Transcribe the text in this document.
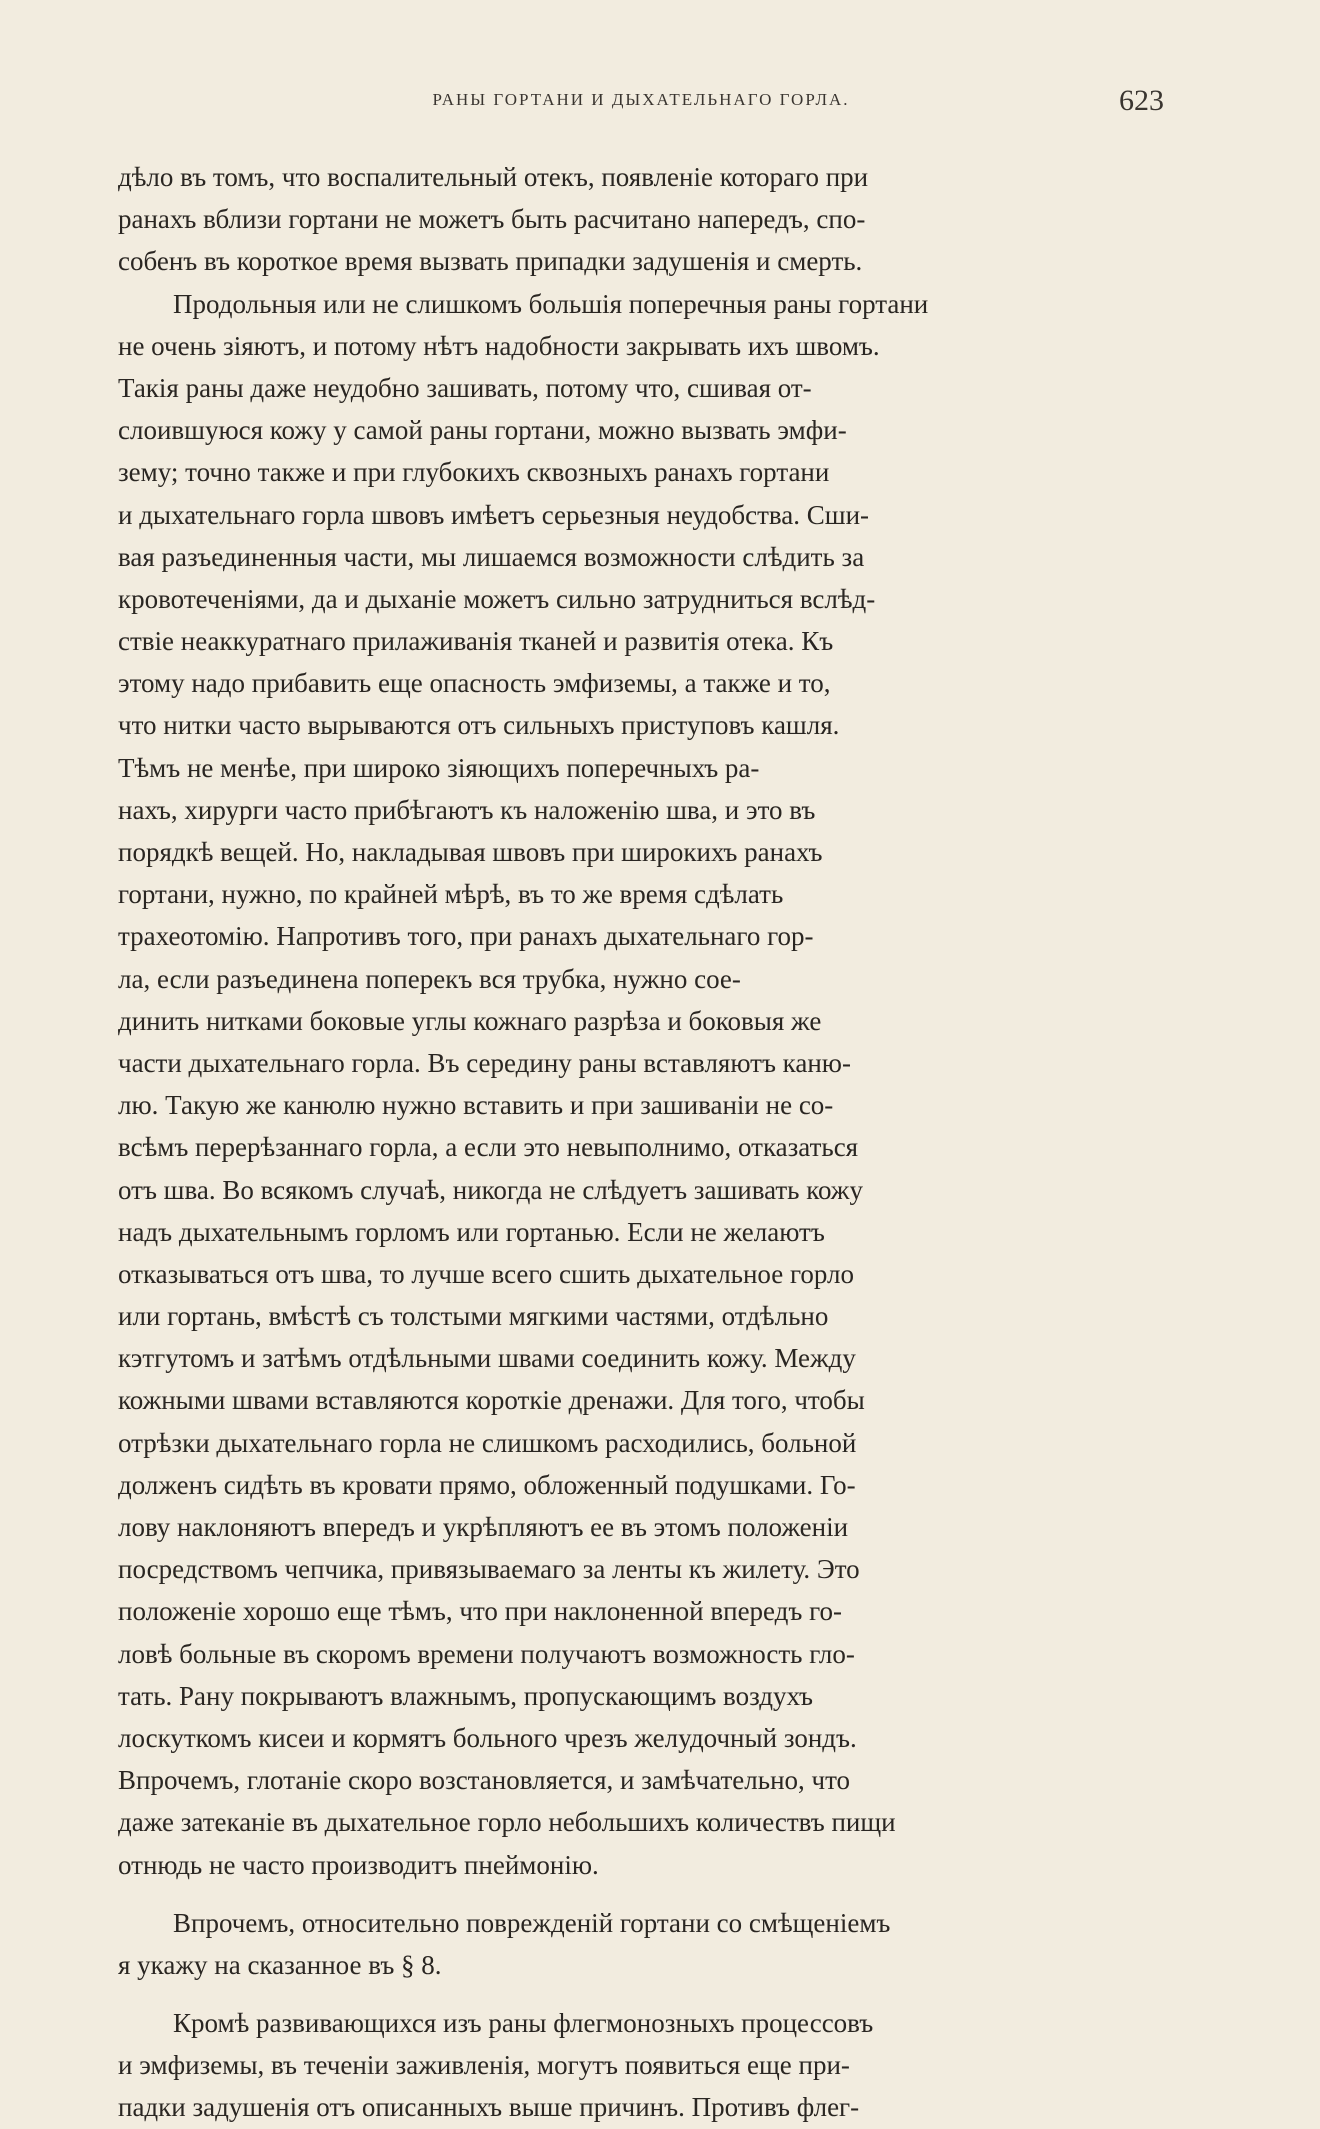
РАНЫ ГОРТАНИ И ДЫХАТЕЛЬНАГО ГОРЛА.	623
дѣло въ томъ, что воспалительный отекъ, появленіе котораго при
ранахъ вблизи гортани не можетъ быть расчитано напередъ, спо-
собенъ въ короткое время вызвать припадки задушенія и смерть.
Продольныя или не слишкомъ большія поперечныя раны гортани
не очень зіяютъ, и потому нѣтъ надобности закрывать ихъ швомъ.
Такія раны даже неудобно зашивать, потому что, сшивая от-
слоившуюся кожу у самой раны гортани, можно вызвать эмфи-
зему; точно также и при глубокихъ сквозныхъ ранахъ гортани
и дыхательнаго горла швовъ имѣетъ серьезныя неудобства. Сши-
вая разъединенныя части, мы лишаемся возможности слѣдить за
кровотеченіями, да и дыханіе можетъ сильно затрудниться вслѣд-
ствіе неаккуратнаго прилаживанія тканей и развитія отека. Къ
этому надо прибавить еще опасность эмфиземы, а также и то,
что нитки часто вырываются отъ сильныхъ приступовъ кашля.
Тѣмъ не менѣе, при широко зіяющихъ поперечныхъ ра-
нахъ, хирурги часто прибѣгаютъ къ наложенію шва, и это въ
порядкѣ вещей. Но, накладывая швовъ при широкихъ ранахъ
гортани, нужно, по крайней мѣрѣ, въ то же время сдѣлать
трахеотомію. Напротивъ того, при ранахъ дыхательнаго гор-
ла, если разъединена поперекъ вся трубка, нужно сое-
динить нитками боковые углы кожнаго разрѣза и боковыя же
части дыхательнаго горла. Въ середину раны вставляютъ каню-
лю. Такую же канюлю нужно вставить и при зашиваніи не со-
всѣмъ перерѣзаннаго горла, а если это невыполнимо, отказаться
отъ шва. Во всякомъ случаѣ, никогда не слѣдуетъ зашивать кожу
надъ дыхательнымъ горломъ или гортанью. Если не желаютъ
отказываться отъ шва, то лучше всего сшить дыхательное горло
или гортань, вмѣстѣ съ толстыми мягкими частями, отдѣльно
кэтгутомъ и затѣмъ отдѣльными швами соединить кожу. Между
кожными швами вставляются короткіе дренажи. Для того, чтобы
отрѣзки дыхательнаго горла не слишкомъ расходились, больной
долженъ сидѣть въ кровати прямо, обложенный подушками. Го-
лову наклоняютъ впередъ и укрѣпляютъ ее въ этомъ положеніи
посредствомъ чепчика, привязываемаго за ленты къ жилету. Это
положеніе хорошо еще тѣмъ, что при наклоненной впередъ го-
ловѣ больные въ скоромъ времени получаютъ возможность гло-
тать. Рану покрываютъ влажнымъ, пропускающимъ воздухъ
лоскуткомъ кисеи и кормятъ больного чрезъ желудочный зондъ.
Впрочемъ, глотаніе скоро возстановляется, и замѣчательно, что
даже затеканіе въ дыхательное горло небольшихъ количествъ пищи
отнюдь не часто производитъ пнеймонію.
Впрочемъ, относительно поврежденій гортани со смѣщеніемъ
я укажу на сказанное въ § 8.
Кромѣ развивающихся изъ раны флегмонозныхъ процессовъ
и эмфиземы, въ теченіи заживленія, могутъ появиться еще при-
падки задушенія отъ описанныхъ выше причинъ. Противъ флег-
